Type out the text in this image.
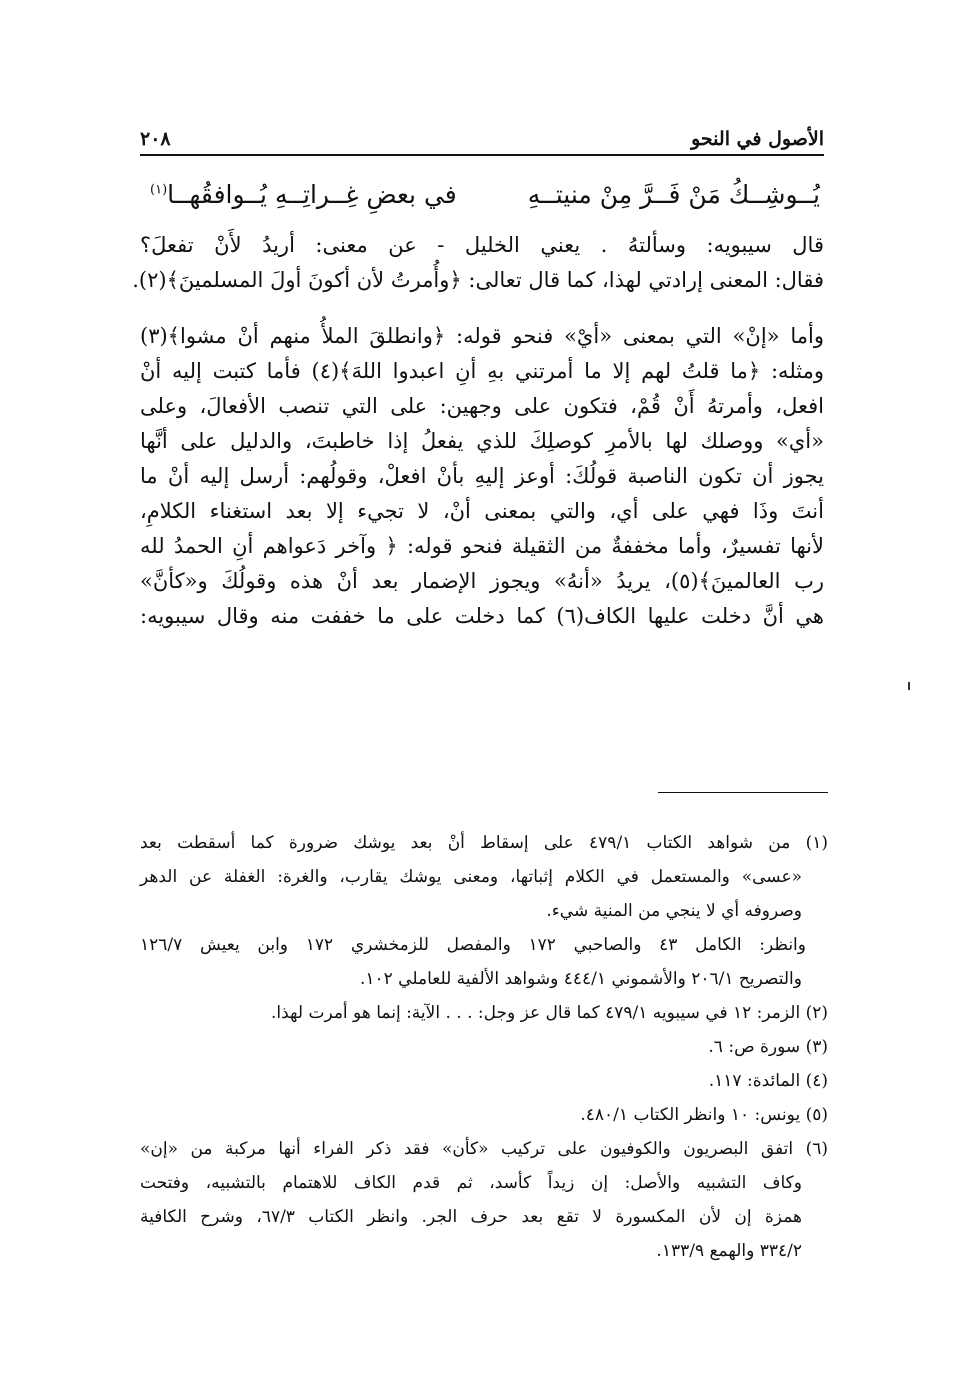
الأصول في النحو
٢٠٨
يُــوشِــكُ مَنْ فَــرَّ مِنْ منيتــهِ
في بعضِ غِــراتِــهِ يُــوافقُهــا$^{(١)}$
قال سيبويه: وسألتهُ . يعني الخليل - عن معنى: أريدُ لأَنْ تفعلَ؟
فقال: المعنى إرادتي لهذا، كما قال تعالى: ﴿وأُمرتُ لأن أكونَ أولَ المسلمينَ﴾(٢).
وأما «إنْ» التي بمعنى «أيْ» فنحو قوله: ﴿وانطلقَ الملأُ منهم أنْ مشوا﴾(٣)
ومثله: ﴿ما قلتُ لهم إلا ما أمرتني بهِ أنِ اعبدوا اللهَ﴾(٤) فأما كتبت إليه أنْ
افعل، وأمرتهُ أَنْ قُمْ، فتكون على وجهين: على التي تنصب الأفعالَ، وعلى
«أي» ووصلك لها بالأمرِ كوصلِكَ للذي يفعلُ إذا خاطبتَ، والدليل على أنَّها
يجوز أن تكون الناصبة قولُكَ: أوعز إليهِ بأنْ افعلْ، وقولُهم: أرسل إليه أنْ ما
أنتَ وذَا فهي على أي، والتي بمعنى أنْ، لا تجيء إلا بعد استغناء الكلامِ،
لأنها تفسيرٌ، وأما مخففةٌ من الثقيلة فنحو قوله: ﴿ وآخر دَعواهم أنِ الحمدُ لله
رب العالمينَ﴾(٥)، يريدُ «أنهُ» ويجوز الإضمار بعد أنْ هذه وقولُكَ و«كأنَّ»
هي أنَّ دخلت عليها الكاف(٦) كما دخلت على ما خففت منه وقال سيبويه:
(١) من شواهد الكتاب ٤٧٩/١ على إسقاط أنْ بعد يوشك ضرورة كما أسقطت بعد
«عسى» والمستعمل في الكلام إثباتها، ومعنى يوشك يقارب، والغرة: الغفلة عن الدهر
وصروفه أي لا ينجي من المنية شيء.
وانظر: الكامل ٤٣ والصاحبي ١٧٢ والمفصل للزمخشري ١٧٢ وابن يعيش ١٢٦/٧
والتصريح ٢٠٦/١ والأشموني ٤٤٤/١ وشواهد الألفية للعاملي ١٠٢.
(٢) الزمر: ١٢ في سيبويه ٤٧٩/١ كما قال عز وجل: . . . الآية: إنما هو أمرت لهذا.
(٣) سورة ص: ٦.
(٤) المائدة: ١١٧.
(٥) يونس: ١٠ وانظر الكتاب ٤٨٠/١.
(٦) اتفق البصريون والكوفيون على تركيب «كأن» فقد ذكر الفراء أنها مركبة من «إن»
وكاف التشبيه والأصل: إن زيداً كأسد، ثم قدم الكاف للاهتمام بالتشبيه، وفتحت
همزة إن لأن المكسورة لا تقع بعد حرف الجر. وانظر الكتاب ٦٧/٣، وشرح الكافية
٣٣٤/٢ والهمع ١٣٣/٩.
